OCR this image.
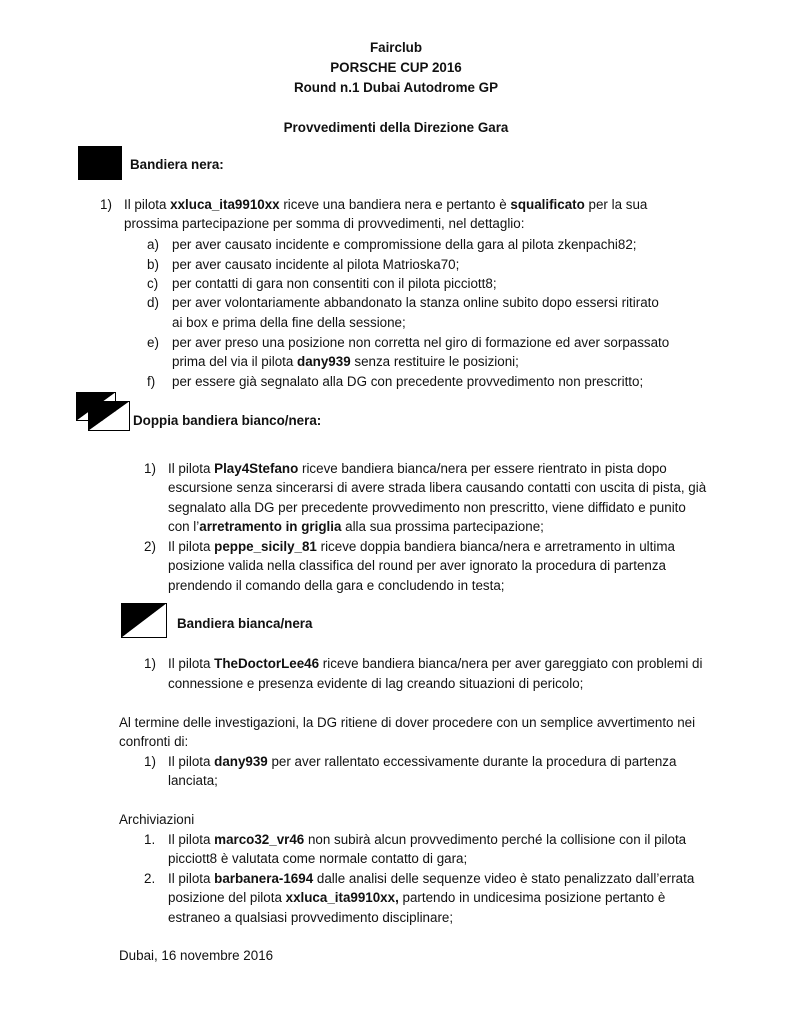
Fairclub
PORSCHE CUP 2016
Round n.1 Dubai Autodrome GP
Provvedimenti della Direzione Gara
Bandiera nera:
1) Il pilota xxluca_ita9910xx riceve una bandiera nera e pertanto è squalificato per la sua
prossima partecipazione per somma di provvedimenti, nel dettaglio:
a) per aver causato incidente e compromissione della gara al pilota zkenpachi82;
b) per aver causato incidente al pilota Matrioska70;
c) per contatti di gara non consentiti con il pilota picciott8;
d) per aver volontariamente abbandonato la stanza online subito dopo essersi ritirato
ai box e prima della fine della sessione;
e) per aver preso una posizione non corretta nel giro di formazione ed aver sorpassato
prima del via il pilota dany939 senza restituire le posizioni;
f) per essere già segnalato alla DG con precedente provvedimento non prescritto;
Doppia bandiera bianco/nera:
1) Il pilota Play4Stefano riceve bandiera bianca/nera per essere rientrato in pista dopo
escursione senza sincerarsi di avere strada libera causando contatti con uscita di pista, già
segnalato alla DG per precedente provvedimento non prescritto, viene diffidato e punito
con l’arretramento in griglia alla sua prossima partecipazione;
2) Il pilota peppe_sicily_81 riceve doppia bandiera bianca/nera e arretramento in ultima
posizione valida nella classifica del round per aver ignorato la procedura di partenza
prendendo il comando della gara e concludendo in testa;
Bandiera bianca/nera
1) Il pilota TheDoctorLee46 riceve bandiera bianca/nera per aver gareggiato con problemi di
connessione e presenza evidente di lag creando situazioni di pericolo;
Al termine delle investigazioni, la DG ritiene di dover procedere con un semplice avvertimento nei
confronti di:
1) Il pilota dany939 per aver rallentato eccessivamente durante la procedura di partenza
lanciata;
Archiviazioni
1. Il pilota marco32_vr46 non subirà alcun provvedimento perché la collisione con il pilota
picciott8 è valutata come normale contatto di gara;
2. Il pilota barbanera-1694 dalle analisi delle sequenze video è stato penalizzato dall’errata
posizione del pilota xxluca_ita9910xx, partendo in undicesima posizione pertanto è
estraneo a qualsiasi provvedimento disciplinare;
Dubai, 16 novembre 2016
